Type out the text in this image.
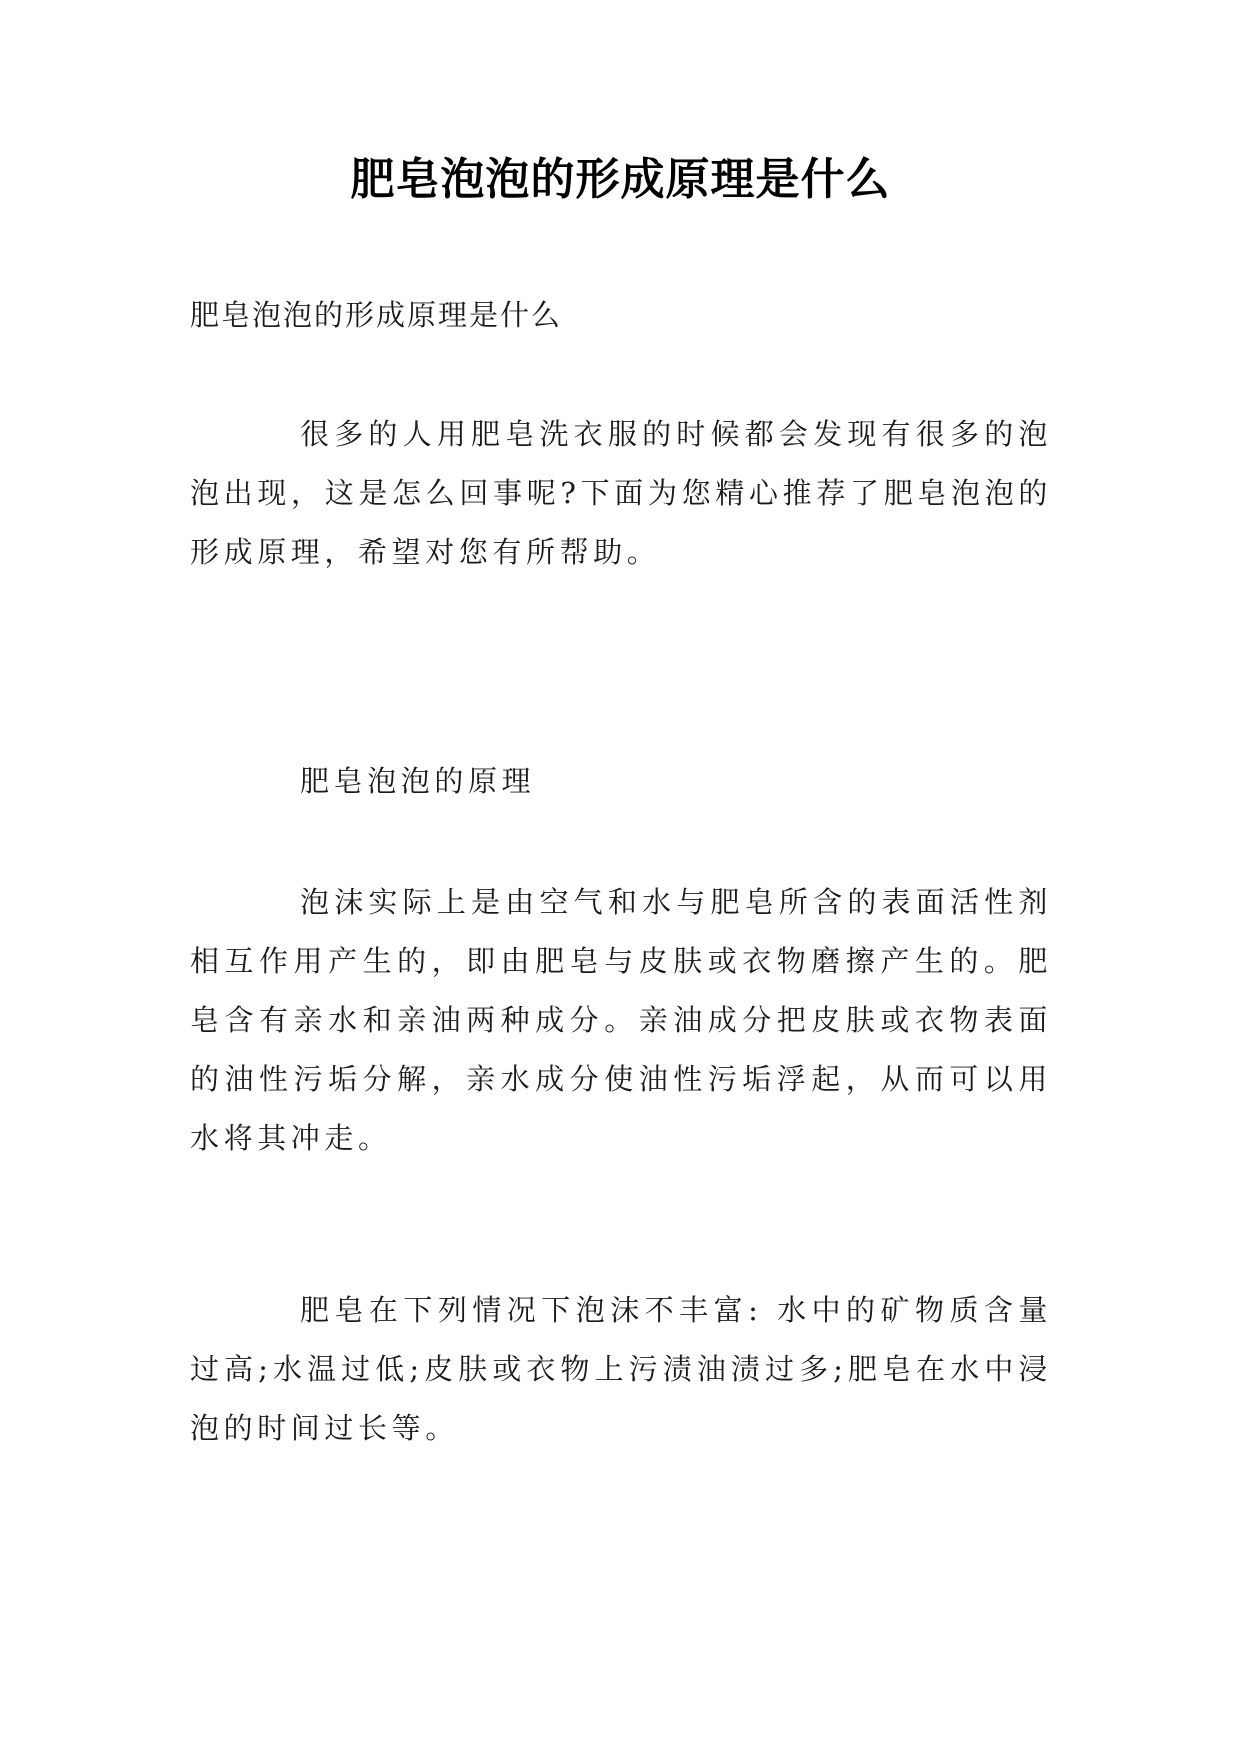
肥皂泡泡的形成原理是什么
肥皂泡泡的形成原理是什么

很多的人用肥皂洗衣服的时候都会发现有很多的泡泡出现，这是怎么回事呢?下面为您精心推荐了肥皂泡泡的形成原理，希望对您有所帮助。

肥皂泡泡的原理

泡沫实际上是由空气和水与肥皂所含的表面活性剂相互作用产生的，即由肥皂与皮肤或衣物磨擦产生的。肥皂含有亲水和亲油两种成分。亲油成分把皮肤或衣物表面的油性污垢分解，亲水成分使油性污垢浮起，从而可以用水将其冲走。

肥皂在下列情况下泡沫不丰富: 水中的矿物质含量过高;水温过低;皮肤或衣物上污渍油渍过多;肥皂在水中浸泡的时间过长等。
